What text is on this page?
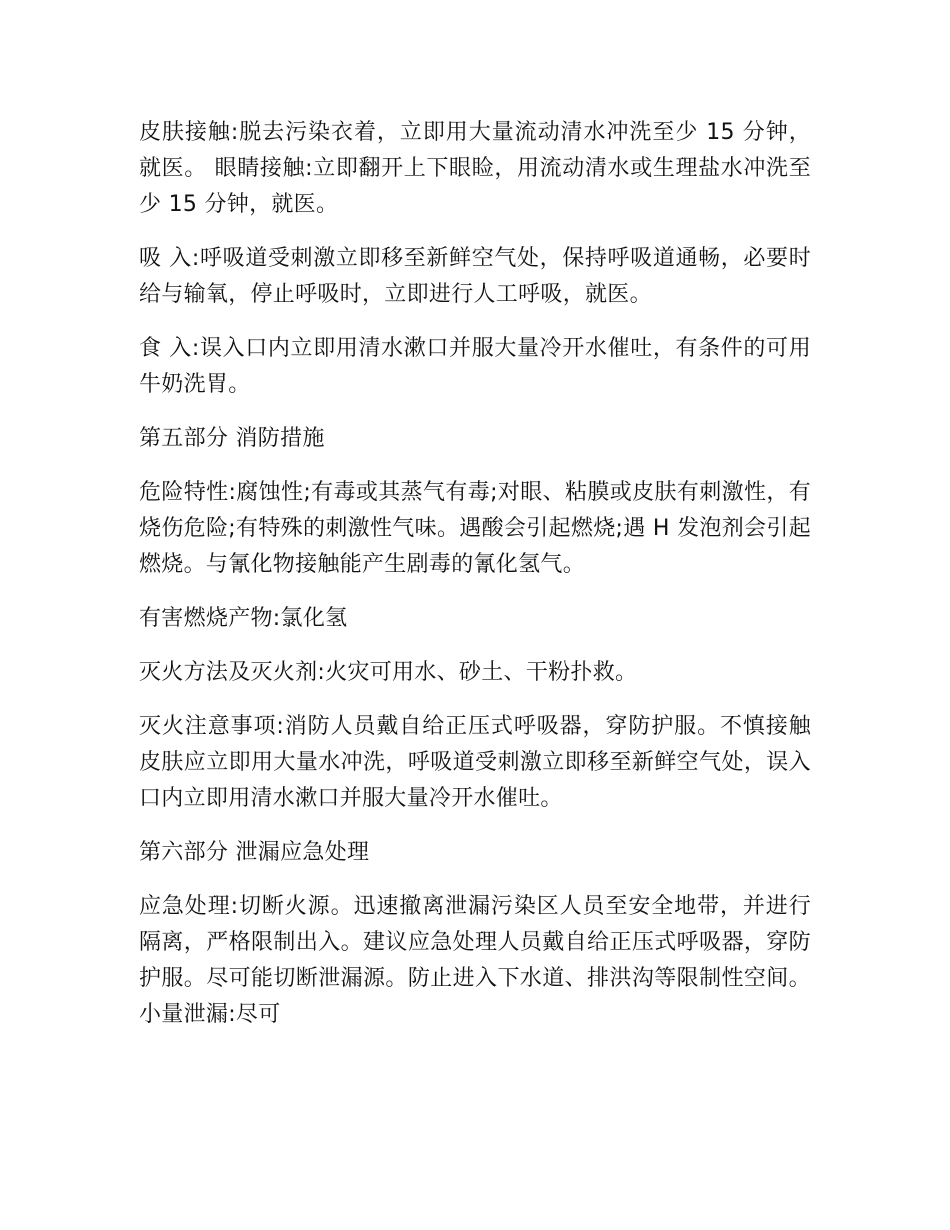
皮肤接触:脱去污染衣着，立即用大量流动清水冲洗至少 15 分钟，就医。 眼睛接触:立即翻开上下眼睑，用流动清水或生理盐水冲洗至少 15 分钟，就医。

吸 入:呼吸道受刺激立即移至新鲜空气处，保持呼吸道通畅，必要时给与输氧，停止呼吸时，立即进行人工呼吸，就医。

食 入:误入口内立即用清水漱口并服大量冷开水催吐，有条件的可用牛奶洗胃。

第五部分 消防措施

危险特性:腐蚀性;有毒或其蒸气有毒;对眼、粘膜或皮肤有刺激性，有烧伤危险;有特殊的刺激性气味。遇酸会引起燃烧;遇 H 发泡剂会引起燃烧。与氰化物接触能产生剧毒的氰化氢气。

有害燃烧产物:氯化氢

灭火方法及灭火剂:火灾可用水、砂土、干粉扑救。

灭火注意事项:消防人员戴自给正压式呼吸器，穿防护服。不慎接触皮肤应立即用大量水冲洗，呼吸道受刺激立即移至新鲜空气处，误入口内立即用清水漱口并服大量冷开水催吐。

第六部分 泄漏应急处理

应急处理:切断火源。迅速撤离泄漏污染区人员至安全地带，并进行隔离，严格限制出入。建议应急处理人员戴自给正压式呼吸器，穿防护服。尽可能切断泄漏源。防止进入下水道、排洪沟等限制性空间。小量泄漏:尽可
